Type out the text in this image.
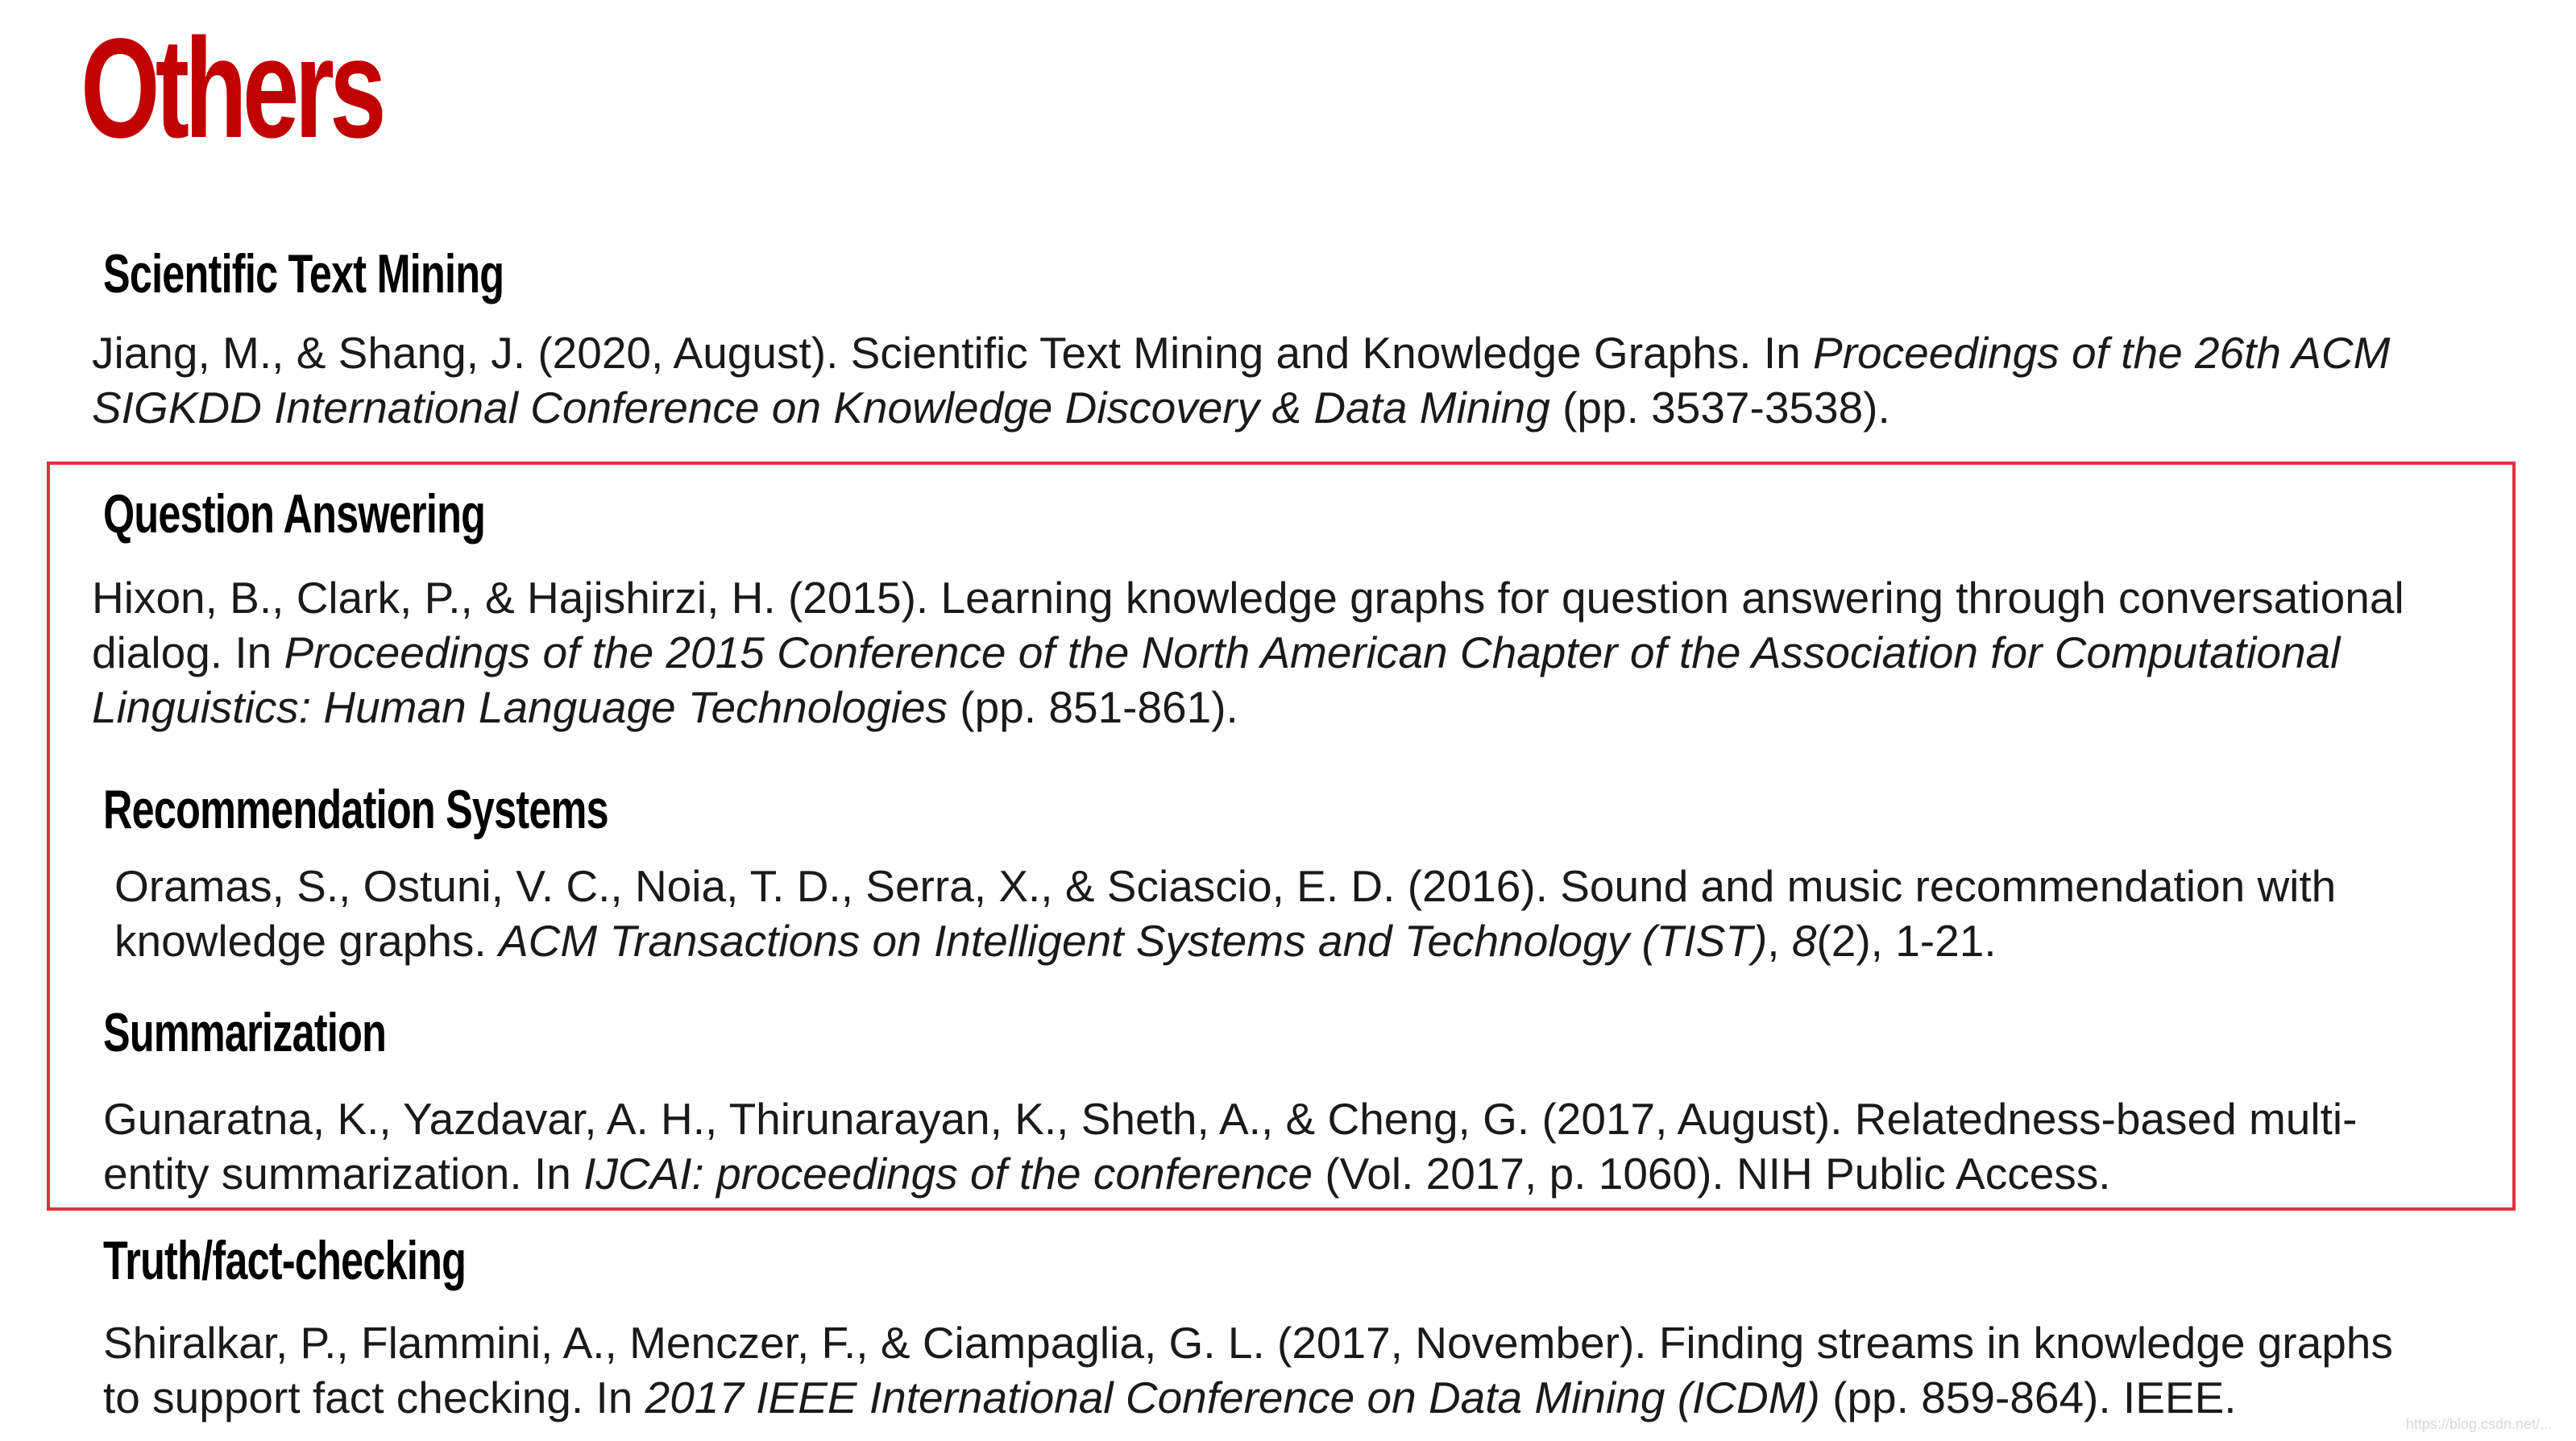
Others
Scientific Text Mining

Jiang, M., & Shang, J. (2020, August). Scientific Text Mining and Knowledge Graphs. In Proceedings of the 26th ACM
SIGKDD International Conference on Knowledge Discovery & Data Mining (pp. 3537-3538).

Question Answering

Hixon, B., Clark, P., & Hajishirzi, H. (2015). Learning knowledge graphs for question answering through conversational
dialog. In Proceedings of the 2015 Conference of the North American Chapter of the Association for Computational
Linguistics: Human Language Technologies (pp. 851-861).

Recommendation Systems

Oramas, S., Ostuni, V. C., Noia, T. D., Serra, X., & Sciascio, E. D. (2016). Sound and music recommendation with
knowledge graphs. ACM Transactions on Intelligent Systems and Technology (TIST), 8(2), 1-21.

Summarization

Gunaratna, K., Yazdavar, A. H., Thirunarayan, K., Sheth, A., & Cheng, G. (2017, August). Relatedness-based multi-
entity summarization. In IJCAI: proceedings of the conference (Vol. 2017, p. 1060). NIH Public Access.

Truth/fact-checking

Shiralkar, P., Flammini, A., Menczer, F., & Ciampaglia, G. L. (2017, November). Finding streams in knowledge graphs
to support fact checking. In 2017 IEEE International Conference on Data Mining (ICDM) (pp. 859-864). IEEE.

https://blog.csdn.net/...
